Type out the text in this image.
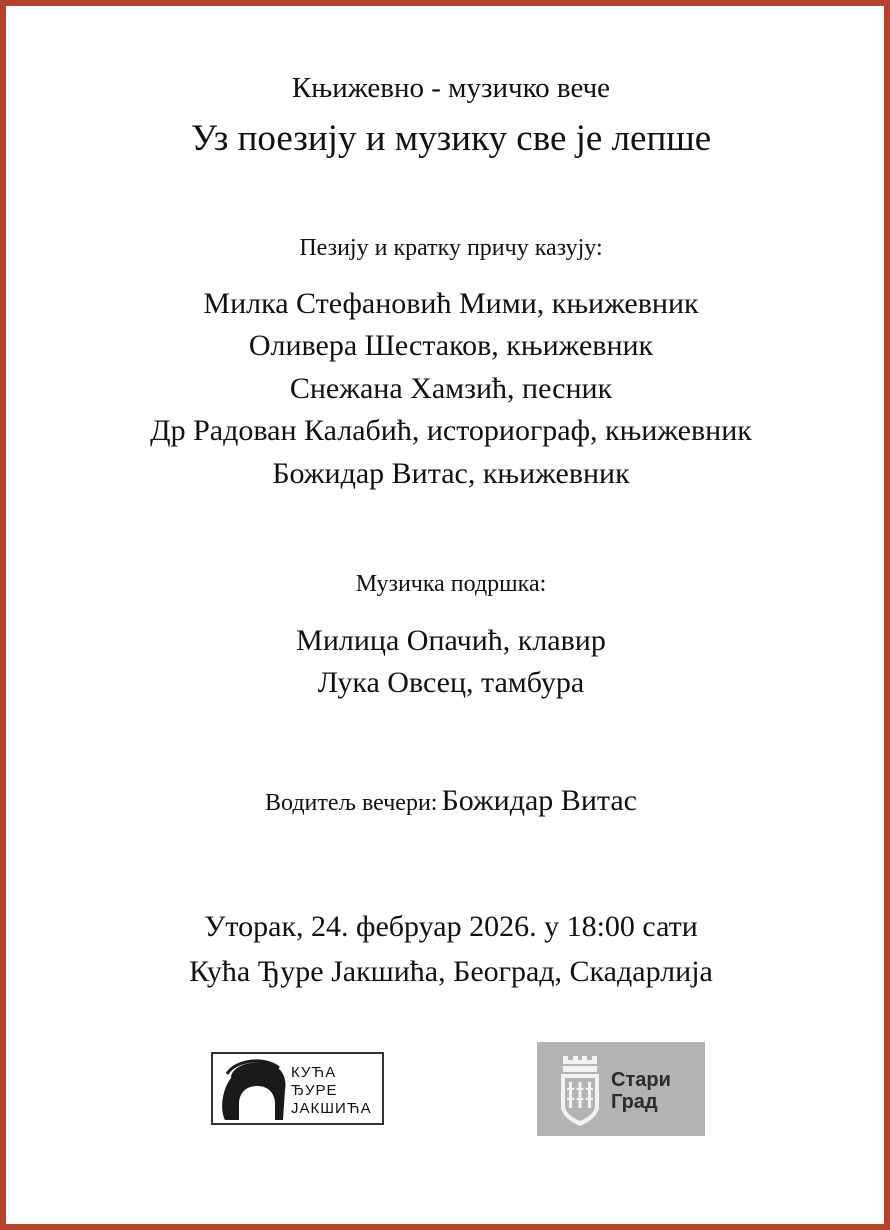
Књижевно - музичко вече
Уз поезију и музику све је лепше
Пезију и кратку причу казују:
Милка Стефановић Мими, књижевник
Оливера Шестаков, књижевник
Снежана Хамзић, песник
Др Радован Калабић, историограф, књижевник
Божидар Витас, књижевник
Музичка подршка:
Милица Опачић, клавир
Лука Овсец, тамбура
Водитељ вечери: Божидар Витас
Уторак, 24. фебруар 2026. у 18:00 сати
Кућа Ђуре Јакшића, Београд, Скадарлија
КУЋА
ЂУРЕ
ЈАКШИЋА
Стари
Град
